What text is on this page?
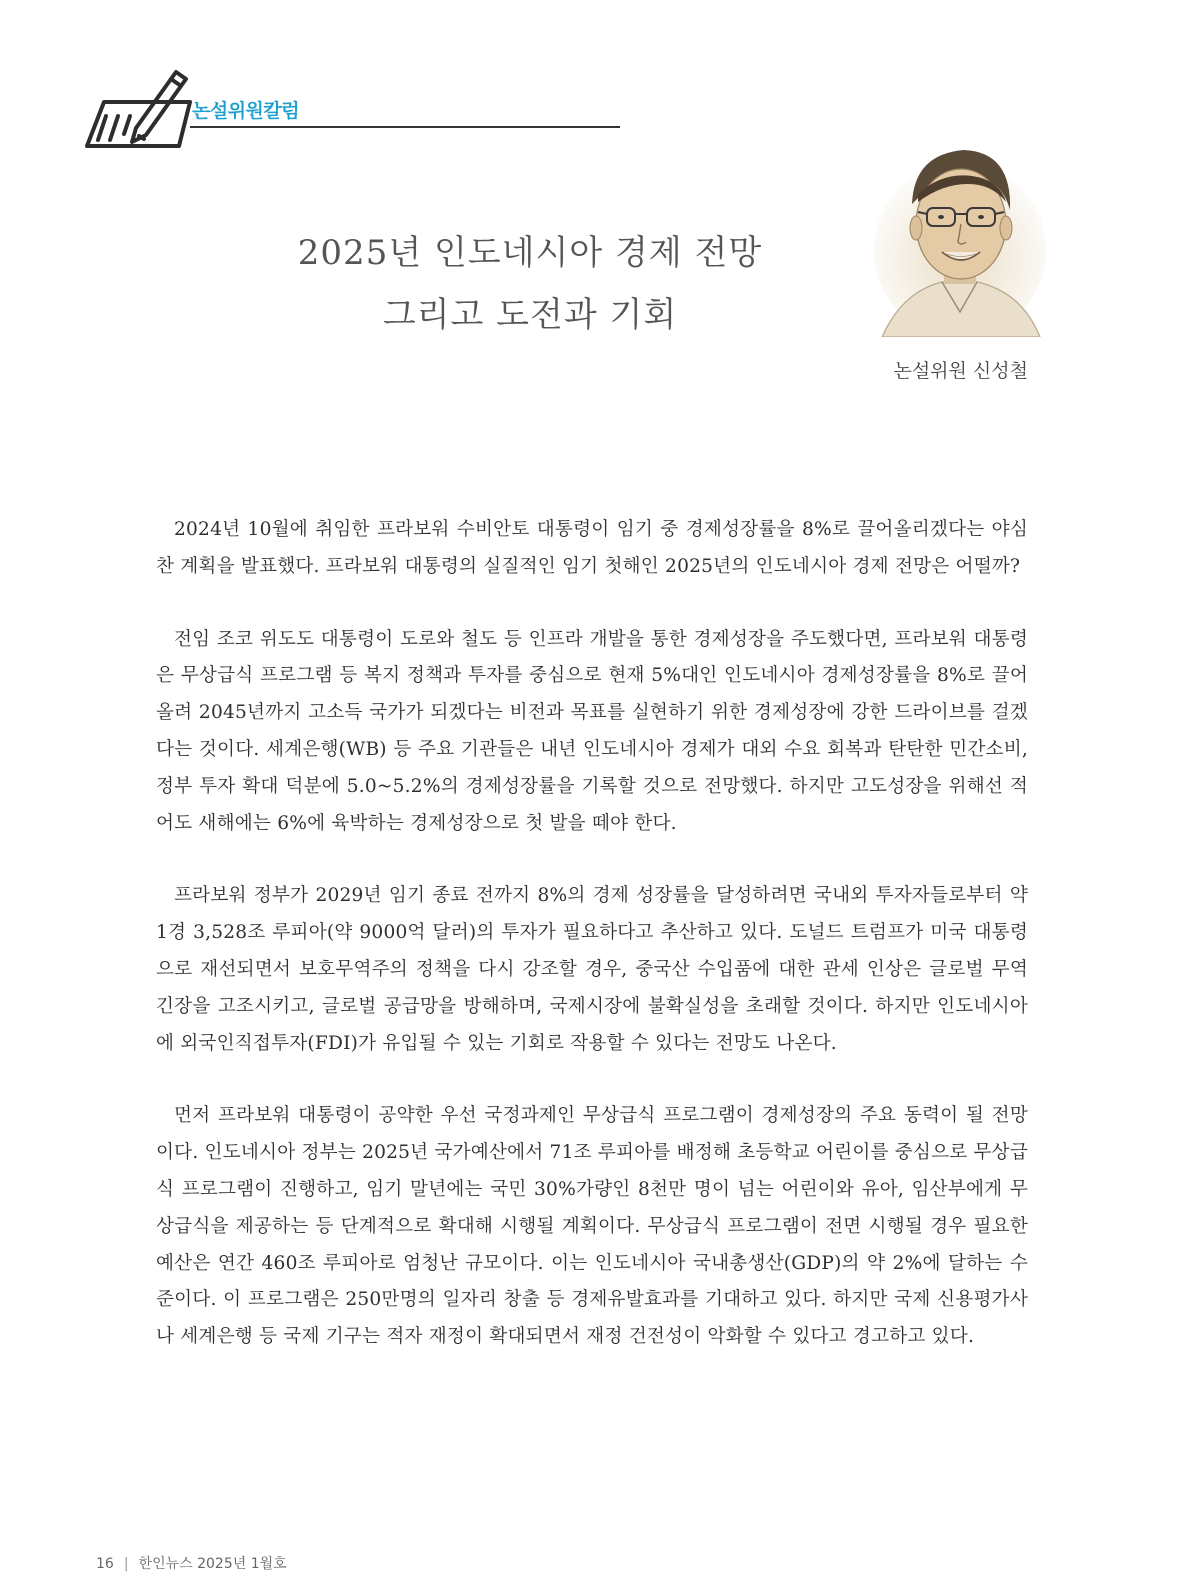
논설위원칼럼
2025년 인도네시아 경제 전망
그리고 도전과 기회
논설위원 신성철

2024년 10월에 취임한 프라보워 수비안토 대통령이 임기 중 경제성장률을 8%로 끌어올리겠다는 야심 찬 계획을 발표했다. 프라보워 대통령의 실질적인 임기 첫해인 2025년의 인도네시아 경제 전망은 어떨까?

전임 조코 위도도 대통령이 도로와 철도 등 인프라 개발을 통한 경제성장을 주도했다면, 프라보워 대통령은 무상급식 프로그램 등 복지 정책과 투자를 중심으로 현재 5%대인 인도네시아 경제성장률을 8%로 끌어올려 2045년까지 고소득 국가가 되겠다는 비전과 목표를 실현하기 위한 경제성장에 강한 드라이브를 걸겠다는 것이다. 세계은행(WB) 등 주요 기관들은 내년 인도네시아 경제가 대외 수요 회복과 탄탄한 민간소비, 정부 투자 확대 덕분에 5.0~5.2%의 경제성장률을 기록할 것으로 전망했다. 하지만 고도성장을 위해선 적어도 새해에는 6%에 육박하는 경제성장으로 첫 발을 떼야 한다.

프라보워 정부가 2029년 임기 종료 전까지 8%의 경제 성장률을 달성하려면 국내외 투자자들로부터 약 1경 3,528조 루피아(약 9000억 달러)의 투자가 필요하다고 추산하고 있다. 도널드 트럼프가 미국 대통령으로 재선되면서 보호무역주의 정책을 다시 강조할 경우, 중국산 수입품에 대한 관세 인상은 글로벌 무역 긴장을 고조시키고, 글로벌 공급망을 방해하며, 국제시장에 불확실성을 초래할 것이다. 하지만 인도네시아에 외국인직접투자(FDI)가 유입될 수 있는 기회로 작용할 수 있다는 전망도 나온다.

먼저 프라보워 대통령이 공약한 우선 국정과제인 무상급식 프로그램이 경제성장의 주요 동력이 될 전망이다. 인도네시아 정부는 2025년 국가예산에서 71조 루피아를 배정해 초등학교 어린이를 중심으로 무상급식 프로그램이 진행하고, 임기 말년에는 국민 30%가량인 8천만 명이 넘는 어린이와 유아, 임산부에게 무상급식을 제공하는 등 단계적으로 확대해 시행될 계획이다. 무상급식 프로그램이 전면 시행될 경우 필요한 예산은 연간 460조 루피아로 엄청난 규모이다. 이는 인도네시아 국내총생산(GDP)의 약 2%에 달하는 수준이다. 이 프로그램은 250만명의 일자리 창출 등 경제유발효과를 기대하고 있다. 하지만 국제 신용평가사나 세계은행 등 국제 기구는 적자 재정이 확대되면서 재정 건전성이 악화할 수 있다고 경고하고 있다.

16 | 한인뉴스 2025년 1월호
